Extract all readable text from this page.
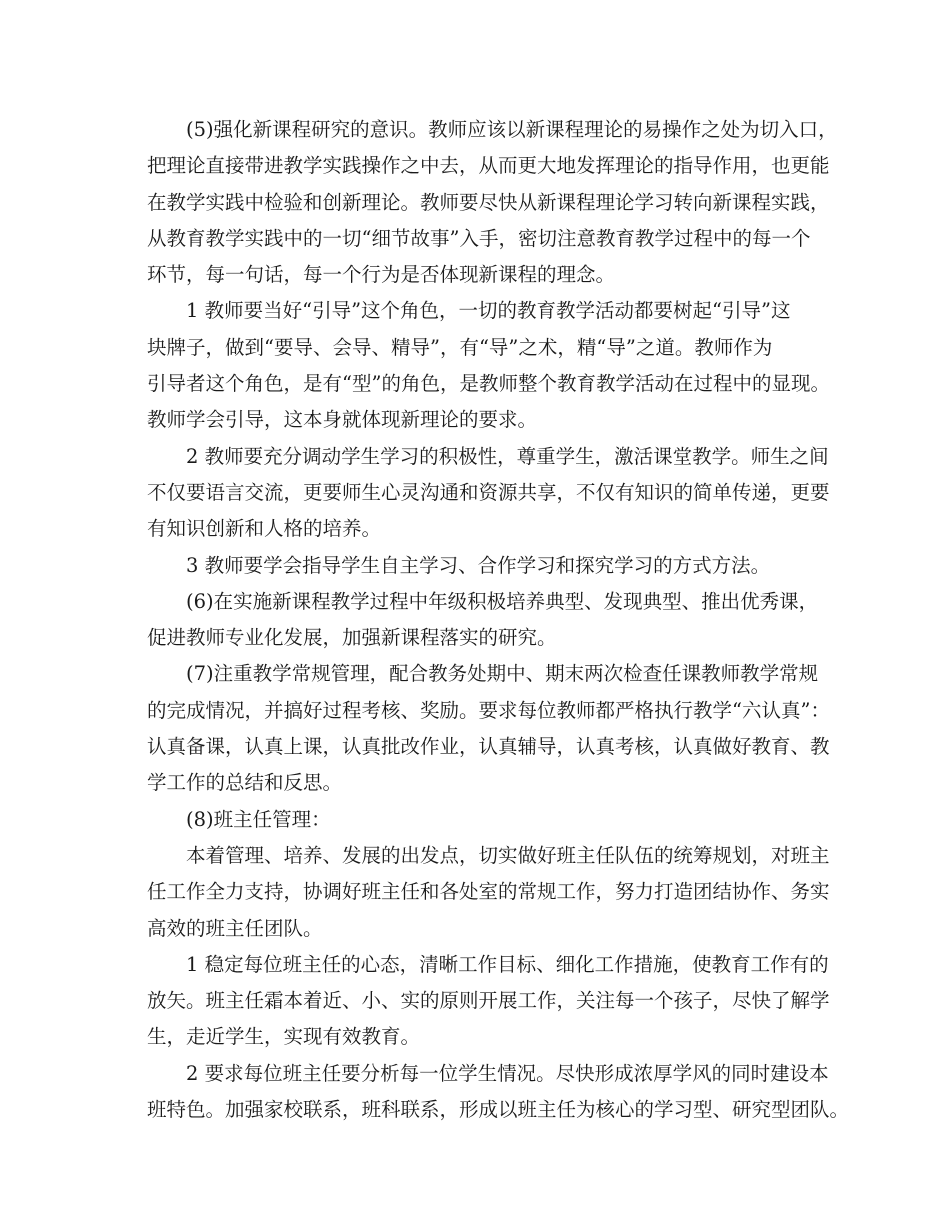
(5)强化新课程研究的意识。教师应该以新课程理论的易操作之处为切入口，
把理论直接带进教学实践操作之中去，从而更大地发挥理论的指导作用，也更能
在教学实践中检验和创新理论。教师要尽快从新课程理论学习转向新课程实践，
从教育教学实践中的一切“细节故事”入手，密切注意教育教学过程中的每一个
环节，每一句话，每一个行为是否体现新课程的理念。
1 教师要当好“引导”这个角色，一切的教育教学活动都要树起“引导”这
块牌子，做到“要导、会导、精导”，有“导”之术，精“导”之道。教师作为
引导者这个角色，是有“型”的角色，是教师整个教育教学活动在过程中的显现。
教师学会引导，这本身就体现新理论的要求。
2 教师要充分调动学生学习的积极性，尊重学生，激活课堂教学。师生之间
不仅要语言交流，更要师生心灵沟通和资源共享，不仅有知识的简单传递，更要
有知识创新和人格的培养。
3 教师要学会指导学生自主学习、合作学习和探究学习的方式方法。
(6)在实施新课程教学过程中年级积极培养典型、发现典型、推出优秀课，
促进教师专业化发展，加强新课程落实的研究。
(7)注重教学常规管理，配合教务处期中、期末两次检查任课教师教学常规
的完成情况，并搞好过程考核、奖励。要求每位教师都严格执行教学“六认真”：
认真备课，认真上课，认真批改作业，认真辅导，认真考核，认真做好教育、教
学工作的总结和反思。
(8)班主任管理：
本着管理、培养、发展的出发点，切实做好班主任队伍的统筹规划，对班主
任工作全力支持，协调好班主任和各处室的常规工作，努力打造团结协作、务实
高效的班主任团队。
1 稳定每位班主任的心态，清晰工作目标、细化工作措施，使教育工作有的
放矢。班主任霜本着近、小、实的原则开展工作，关注每一个孩子，尽快了解学
生，走近学生，实现有效教育。
2 要求每位班主任要分析每一位学生情况。尽快形成浓厚学风的同时建设本
班特色。加强家校联系，班科联系，形成以班主任为核心的学习型、研究型团队。
